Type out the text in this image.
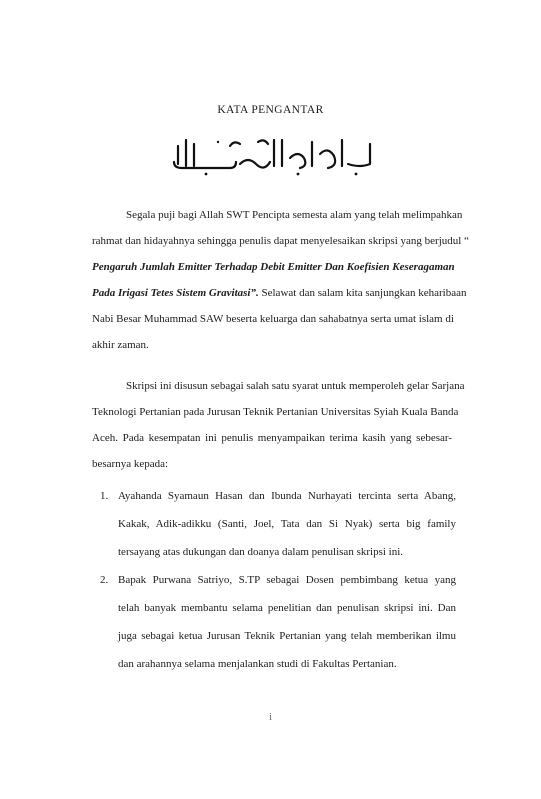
KATA PENGANTAR
Segala puji bagi Allah SWT Pencipta semesta alam yang telah melimpahkan
rahmat dan hidayahnya sehingga penulis dapat menyelesaikan skripsi yang berjudul “
Pengaruh Jumlah Emitter Terhadap Debit Emitter Dan Koefisien Keseragaman
Pada Irigasi Tetes Sistem Gravitasi”. Selawat dan salam kita sanjungkan keharibaan
Nabi Besar Muhammad SAW beserta keluarga dan sahabatnya serta umat islam di
akhir zaman.
Skripsi ini disusun sebagai salah satu syarat untuk memperoleh gelar Sarjana
Teknologi Pertanian pada Jurusan Teknik Pertanian Universitas Syiah Kuala Banda
Aceh. Pada kesempatan ini penulis menyampaikan terima kasih yang sebesar-
besarnya kepada:
1. Ayahanda Syamaun Hasan dan Ibunda Nurhayati tercinta serta Abang,
Kakak, Adik-adikku (Santi, Joel, Tata dan Si Nyak) serta big family
tersayang atas dukungan dan doanya dalam penulisan skripsi ini.
2. Bapak Purwana Satriyo, S.TP sebagai Dosen pembimbang ketua yang
telah banyak membantu selama penelitian dan penulisan skripsi ini. Dan
juga sebagai ketua Jurusan Teknik Pertanian yang telah memberikan ilmu
dan arahannya selama menjalankan studi di Fakultas Pertanian.
i
